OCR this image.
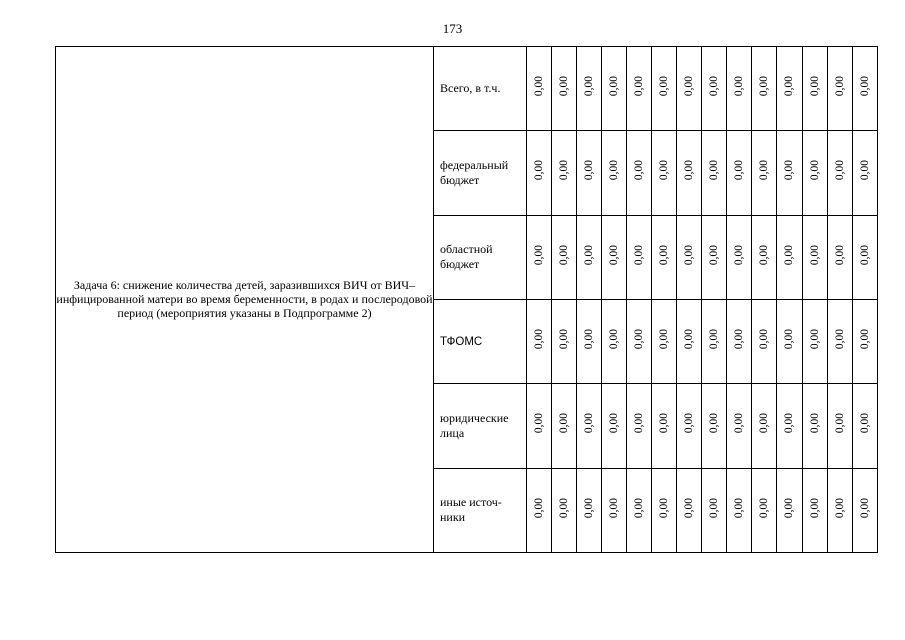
173
Задача 6: снижение количества детей, заразившихся ВИЧ от ВИЧ–инфицированной матери во время беременности, в родах и послеродовой период (мероприятия указаны в Подпрограмме 2)	Всего, в т.ч.	0,00	0,00	0,00	0,00	0,00	0,00	0,00	0,00	0,00	0,00	0,00	0,00	0,00	0,00
	федеральный бюджет	0,00	0,00	0,00	0,00	0,00	0,00	0,00	0,00	0,00	0,00	0,00	0,00	0,00	0,00
	областной бюджет	0,00	0,00	0,00	0,00	0,00	0,00	0,00	0,00	0,00	0,00	0,00	0,00	0,00	0,00
	ТФОМС	0,00	0,00	0,00	0,00	0,00	0,00	0,00	0,00	0,00	0,00	0,00	0,00	0,00	0,00
	юридические лица	0,00	0,00	0,00	0,00	0,00	0,00	0,00	0,00	0,00	0,00	0,00	0,00	0,00	0,00
	иные источ-ники	0,00	0,00	0,00	0,00	0,00	0,00	0,00	0,00	0,00	0,00	0,00	0,00	0,00	0,00
